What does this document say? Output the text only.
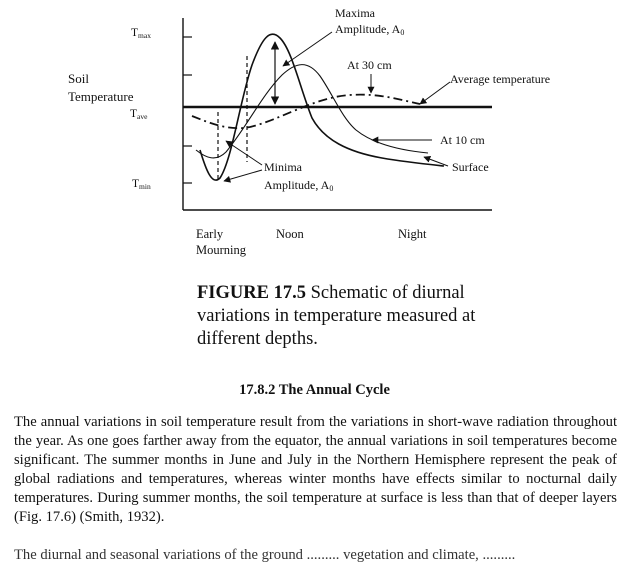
Tmax
Tave
Tmin
Soil
Temperature
Maxima
Amplitude, A0
At 30 cm
Average temperature
At 10 cm
Surface
Minima
Amplitude, A0
Early
Mourning
Noon	Night

FIGURE 17.5 Schematic of diurnal variations in temperature measured at different depths.

17.8.2 The Annual Cycle

The annual variations in soil temperature result from the variations in short-wave radiation throughout the year. As one goes farther away from the equator, the annual variations in soil temperatures become significant. The summer months in June and July in the Northern Hemisphere represent the peak of global radiations and temperatures, whereas winter months have effects similar to nocturnal daily temperatures. During summer months, the soil temperature at surface is less than that of deeper layers (Fig. 17.6) (Smith, 1932).

The diurnal and seasonal variations of the ground ......... vegetation and climate, .........
